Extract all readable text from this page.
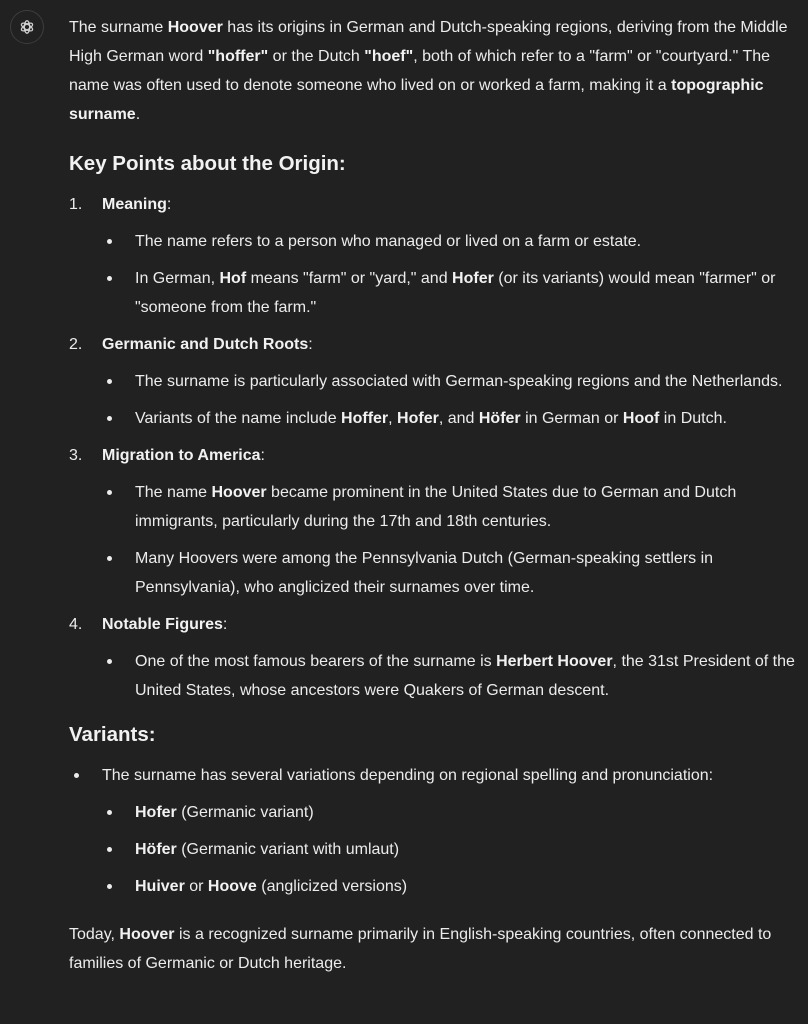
The surname Hoover has its origins in German and Dutch-speaking regions, deriving from the Middle High German word "hoffer" or the Dutch "hoef", both of which refer to a "farm" or "courtyard." The name was often used to denote someone who lived on or worked a farm, making it a topographic surname.

Key Points about the Origin:
1.	Meaning:

The name refers to a person who managed or lived on a farm or estate.
In German, Hof means "farm" or "yard," and Hofer (or its variants) would mean "farmer" or "someone from the farm."
2.	Germanic and Dutch Roots:

The surname is particularly associated with German-speaking regions and the Netherlands.
Variants of the name include Hoffer, Hofer, and Höfer in German or Hoof in Dutch.
3.	Migration to America:

The name Hoover became prominent in the United States due to German and Dutch immigrants, particularly during the 17th and 18th centuries.
Many Hoovers were among the Pennsylvania Dutch (German-speaking settlers in Pennsylvania), who anglicized their surnames over time.
4.	Notable Figures:

One of the most famous bearers of the surname is Herbert Hoover, the 31st President of the United States, whose ancestors were Quakers of German descent.
Variants:
The surname has several variations depending on regional spelling and pronunciation:
Hofer (Germanic variant)
Höfer (Germanic variant with umlaut)
Huiver or Hoove (anglicized versions)

Today, Hoover is a recognized surname primarily in English-speaking countries, often connected to families of Germanic or Dutch heritage.
